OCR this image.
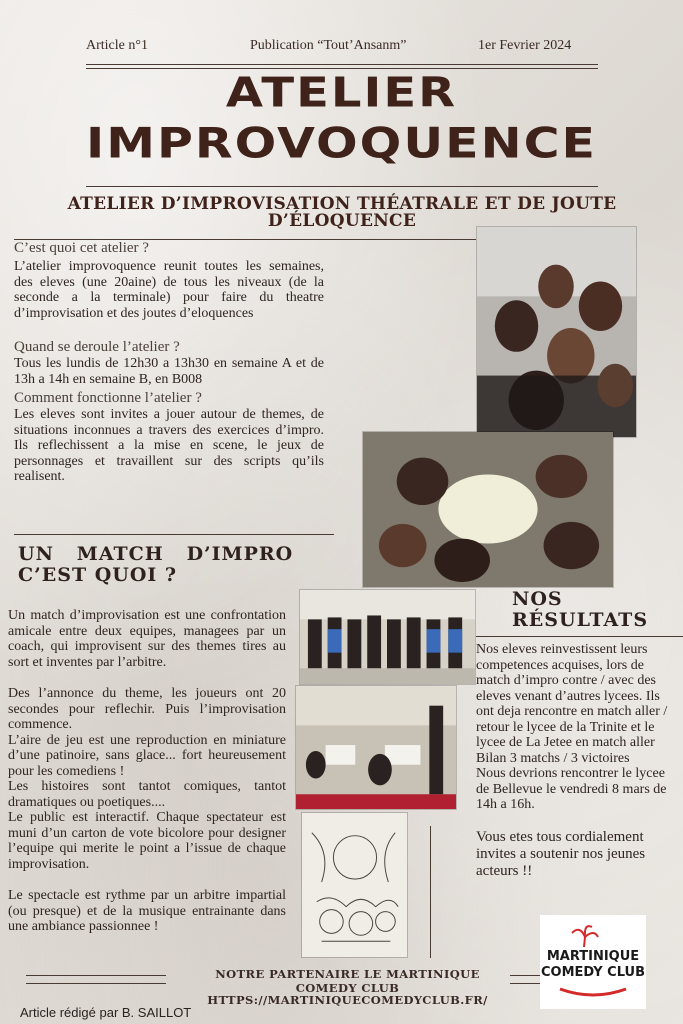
Article n°1	Publication “Tout’Ansanm”	1er Fevrier 2024
ATELIER
IMPROVOQUENCE
ATELIER D’IMPROVISATION THÉATRALE ET DE JOUTE D’ÉLOQUENCE
C’est quoi cet atelier ?
L’atelier improvoquence reunit toutes les semaines, des eleves (une 20aine) de tous les niveaux (de la seconde a la terminale) pour faire du theatre d’improvisation et des joutes d’eloquences
Quand se deroule l’atelier ?
Tous les lundis de 12h30 a 13h30 en semaine A et de 13h a 14h en semaine B, en B008
Comment fonctionne l’atelier ?
Les eleves sont invites a jouer autour de themes, de situations inconnues a travers des exercices d’impro. Ils reflechissent a la mise en scene, le jeux de personnages et travaillent sur des scripts qu’ils realisent.
UN   MATCH   D’IMPRO
C’EST QUOI ?
Un match d’improvisation est une confrontation amicale entre deux equipes, managees par un coach, qui improvisent sur des themes tires au sort et inventes par l’arbitre.
Des l’annonce du theme, les joueurs ont 20 secondes pour reflechir. Puis l’improvisation commence.
L’aire de jeu est une reproduction en miniature d’une patinoire, sans glace... fort heureusement pour les comediens !
Les histoires sont tantot comiques, tantot dramatiques ou poetiques....
Le public est interactif. Chaque spectateur est muni d’un carton de vote bicolore pour designer l’equipe qui merite le point a l’issue de chaque improvisation.
Le spectacle est rythme par un arbitre impartial (ou presque) et de la musique entrainante dans une ambiance passionnee !
NOS
RÉSULTATS
Nos eleves reinvestissent leurs competences acquises, lors de match d’impro contre / avec des eleves venant d’autres lycees. Ils ont deja rencontre en match aller / retour le lycee de la Trinite et le lycee de La Jetee en match aller
Bilan 3 matchs / 3 victoires
Nous devrions rencontrer le lycee de Bellevue le vendredi 8 mars de 14h a 16h.
Vous etes tous cordialement invites a soutenir nos jeunes acteurs !!
MARTINIQUE
COMEDY CLUB
NOTRE PARTENAIRE LE MARTINIQUE COMEDY CLUB
HTTPS://MARTINIQUECOMEDYCLUB.FR/
Article rédigé par B. SAILLOT
